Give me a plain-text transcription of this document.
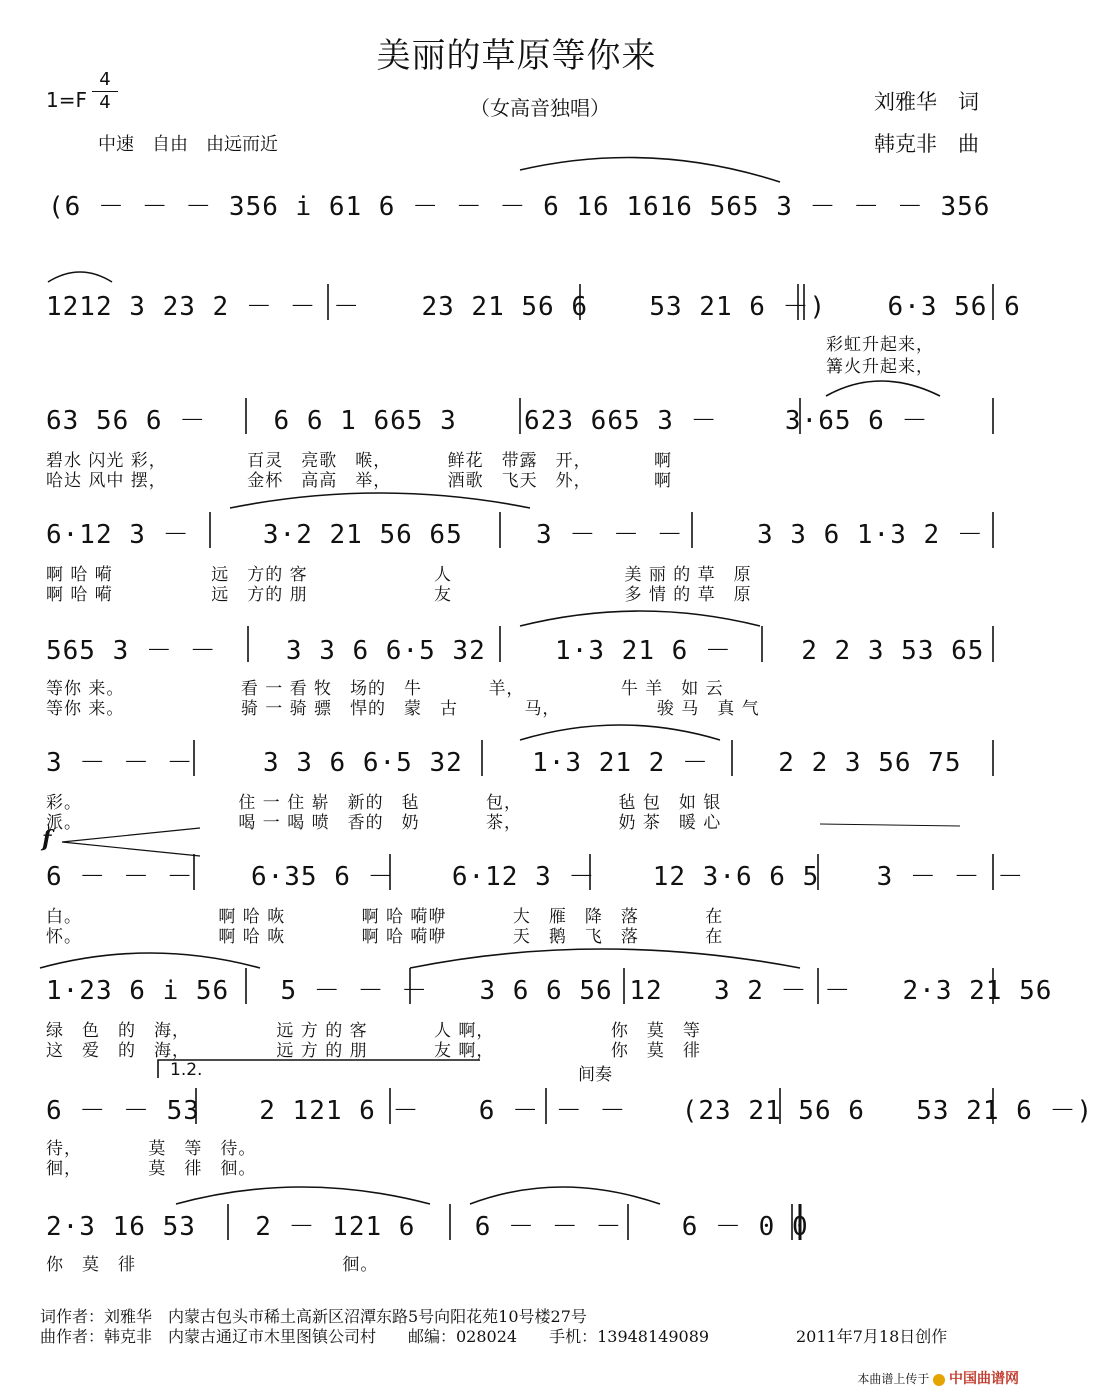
美丽的草原等你来
1=F
4
4	（女高音独唱）	刘雅华　词
韩克非　曲
中速　自由　由远而近
(6 － － － 356 i̇ 61 6 － － － 6 16 1616 565 3 － － － 356
1212 3 23 2 － － － 23 21 56 6 53 21 6 －) 6·3 56 6
彩虹升起来，
篝火升起来，
63 56 6 －	6 6 1 665 3	623 665 3 －	3·65 6 －
碧水 闪光 彩，	百灵　亮歌　喉，	鲜花　带露　开，	啊
哈达 风中 摆，	金杯　高高　举，	酒歌　飞天　外，	啊
6·12 3 －	3·2 21 56 65	3 － － －	3 3 6 1·3 2 －
啊 哈 嗬	远　方的 客	人	美 丽 的 草　原
啊 哈 嗬	远　方的 朋	友	多 情 的 草　原
565 3 － －	3 3 6 6·5 32	1·3 21 6 －	2 2 3 53 65
等你 来。	看 一 看 牧　场的　牛	羊，	牛 羊　如 云
等你 来。	骑 一 骑 骠　悍的　蒙　古	马，	骏 马　真 气
3 － － －	3 3 6 6·5 32	1·3 21 2 －	2 2 3 56 75
彩。	住 一 住 崭　新的　毡	包，	毡 包　如 银
派。	喝 一 喝 喷　香的　奶	茶，	奶 茶　暖 心
f
6 － － － 6·35 6 － 6·12 3 － 12 3·6 6 5 3 － － －
白。	啊 哈 咴	啊 哈 嗬咿	大　雁　降　落	在
怀。	啊 哈 咴	啊 哈 嗬咿	天　鹅　飞　落	在
1·23 6 i 56 5 － － － 3 6 6 56 12 3 2 － － 2·3 21 56
绿　色　的　海，	远 方 的 客	人 啊，	你　莫　等
这　爱　的　海，	远 方 的 朋	友 啊，	你　莫　徘
1.2.	间奏
6 － － 53 2 121 6 － 6 － － － (23 21 56 6 53 21 6 －)
待，	莫　等　待。
徊，	莫　徘　徊。
2·3 16 53 2 － 121 6 6 － － － 6 － 0 0
你　莫　徘	徊。
词作者：刘雅华　内蒙古包头市稀土高新区沼潭东路5号向阳花苑10号楼27号
曲作者：韩克非　内蒙古通辽市木里图镇公司村　　邮编：028024　　手机：13948149089	2011年7月18日创作
本曲谱上传于 中国曲谱网
